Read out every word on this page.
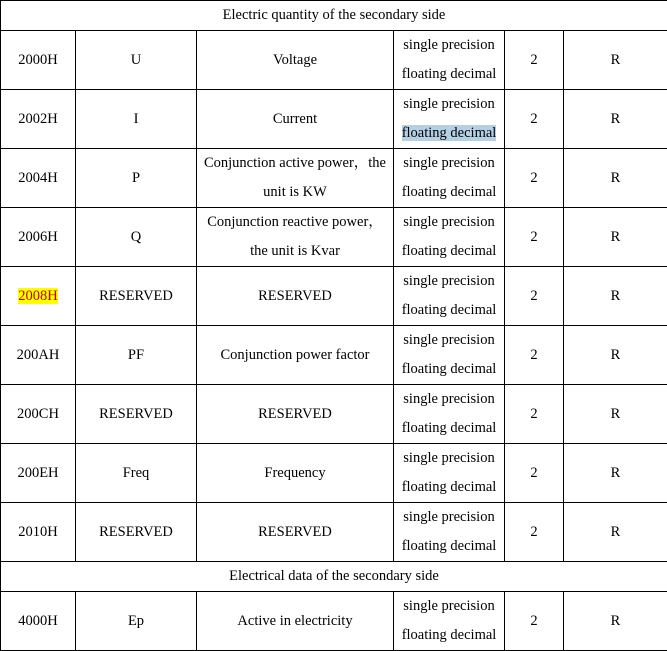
Electric quantity of the secondary side					
2000H	U	Voltage	single precision
floating decimal	2	R
2002H	I	Current	single precision
floating decimal	2	R
2004H	P	Conjunction active power，the
unit is KW	single precision
floating decimal	2	R
2006H	Q	Conjunction reactive power，
the unit is Kvar	single precision
floating decimal	2	R
2008H	RESERVED	RESERVED	single precision
floating decimal	2	R
200AH	PF	Conjunction power factor	single precision
floating decimal	2	R
200CH	RESERVED	RESERVED	single precision
floating decimal	2	R
200EH	Freq	Frequency	single precision
floating decimal	2	R
2010H	RESERVED	RESERVED	single precision
floating decimal	2	R
Electrical data of the secondary side					
4000H	Ep	Active in electricity	single precision
floating decimal	2	R
